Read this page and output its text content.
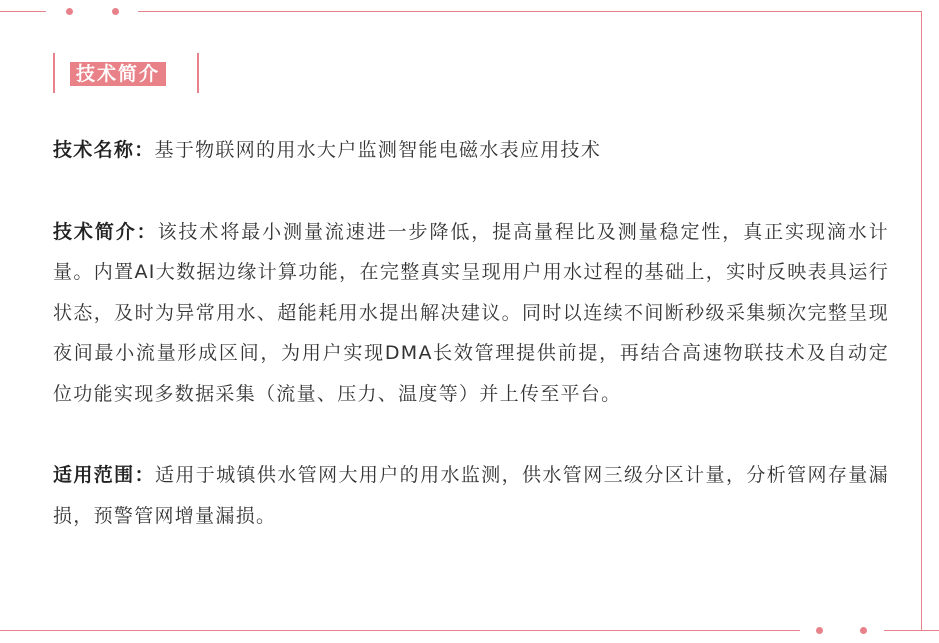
技术简介

技术名称：基于物联网的用水大户监测智能电磁水表应用技术

技术简介：该技术将最小测量流速进一步降低，提高量程比及测量稳定性，真正实现滴水计量。内置AI大数据边缘计算功能，在完整真实呈现用户用水过程的基础上，实时反映表具运行状态，及时为异常用水、超能耗用水提出解决建议。同时以连续不间断秒级采集频次完整呈现夜间最小流量形成区间，为用户实现DMA长效管理提供前提，再结合高速物联技术及自动定位功能实现多数据采集（流量、压力、温度等）并上传至平台。

适用范围：适用于城镇供水管网大用户的用水监测，供水管网三级分区计量，分析管网存量漏损，预警管网增量漏损。
